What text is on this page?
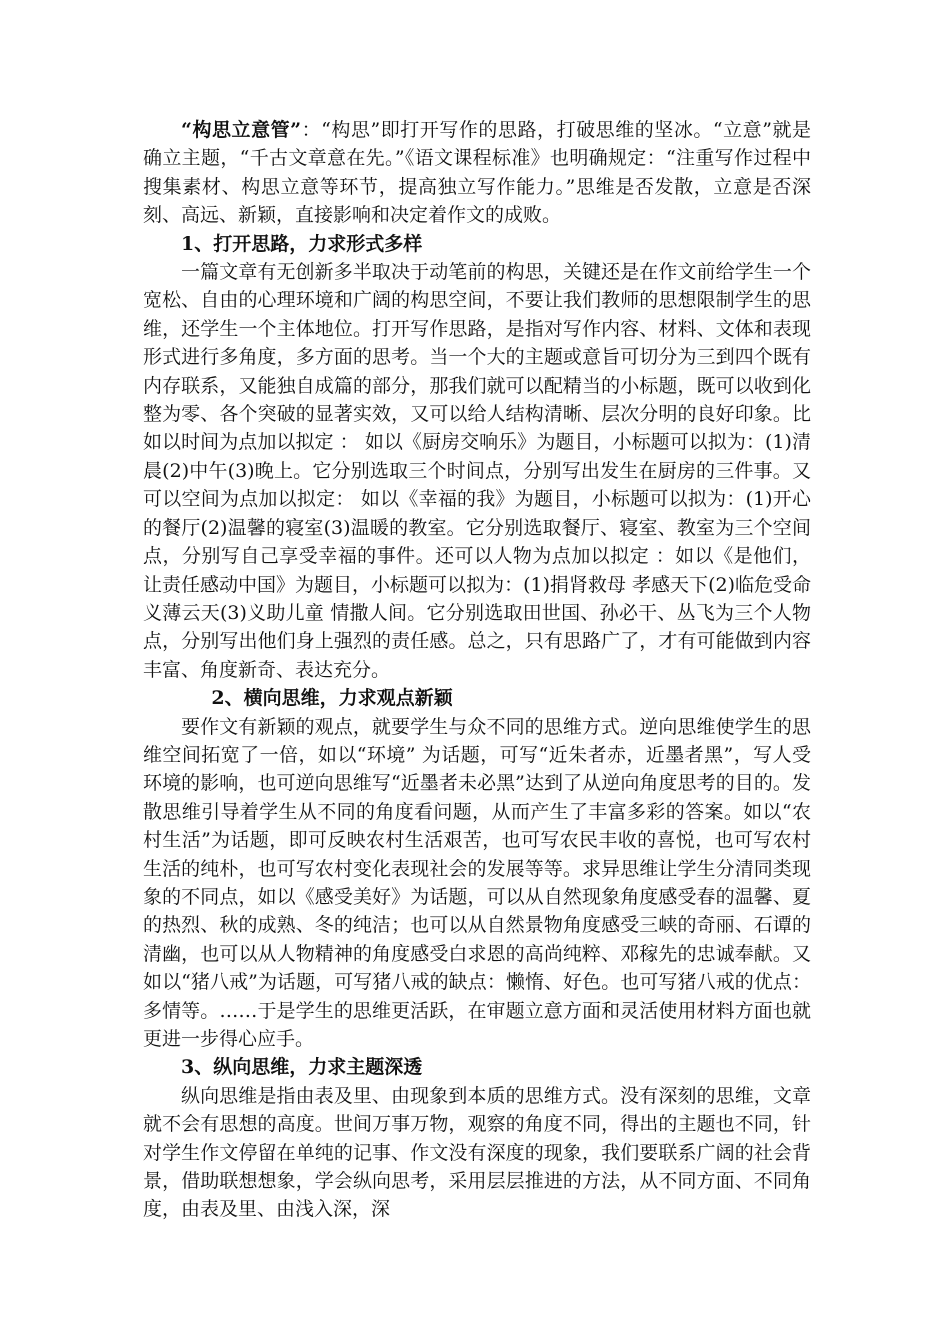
“构思立意管”：“构思”即打开写作的思路，打破思维的坚冰。“立意”就是确立主题，“千古文章意在先。”《语文课程标准》也明确规定：“注重写作过程中搜集素材、构思立意等环节，提高独立写作能力。”思维是否发散，立意是否深刻、高远、新颖，直接影响和决定着作文的成败。

1、打开思路，力求形式多样

一篇文章有无创新多半取决于动笔前的构思，关键还是在作文前给学生一个宽松、自由的心理环境和广阔的构思空间，不要让我们教师的思想限制学生的思维，还学生一个主体地位。打开写作思路，是指对写作内容、材料、文体和表现形式进行多角度，多方面的思考。当一个大的主题或意旨可切分为三到四个既有内存联系，又能独自成篇的部分，那我们就可以配精当的小标题，既可以收到化整为零、各个突破的显著实效，又可以给人结构清晰、层次分明的良好印象。比如以时间为点加以拟定 ： 如以《厨房交响乐》为题目，小标题可以拟为：(1)清晨(2)中午(3)晚上。它分别选取三个时间点，分别写出发生在厨房的三件事。又可以空间为点加以拟定： 如以《幸福的我》为题目，小标题可以拟为：(1)开心的餐厅(2)温馨的寝室(3)温暖的教室。它分别选取餐厅、寝室、教室为三个空间点，分别写自己享受幸福的事件。还可以人物为点加以拟定 ：如以《是他们，让责任感动中国》为题目，小标题可以拟为：(1)捐肾救母 孝感天下(2)临危受命 义薄云天(3)义助儿童 情撒人间。它分别选取田世国、孙必干、丛飞为三个人物点，分别写出他们身上强烈的责任感。总之，只有思路广了，才有可能做到内容丰富、角度新奇、表达充分。

2、横向思维，力求观点新颖

要作文有新颖的观点，就要学生与众不同的思维方式。逆向思维使学生的思维空间拓宽了一倍，如以“环境” 为话题，可写“近朱者赤，近墨者黑”，写人受环境的影响，也可逆向思维写“近墨者未必黑”达到了从逆向角度思考的目的。发散思维引导着学生从不同的角度看问题，从而产生了丰富多彩的答案。如以“农村生活”为话题，即可反映农村生活艰苦，也可写农民丰收的喜悦，也可写农村生活的纯朴，也可写农村变化表现社会的发展等等。求异思维让学生分清同类现象的不同点，如以《感受美好》为话题，可以从自然现象角度感受春的温馨、夏的热烈、秋的成熟、冬的纯洁；也可以从自然景物角度感受三峡的奇丽、石谭的清幽，也可以从人物精神的角度感受白求恩的高尚纯粹、邓稼先的忠诚奉献。又如以“猪八戒”为话题，可写猪八戒的缺点：懒惰、好色。也可写猪八戒的优点：多情等。……于是学生的思维更活跃，在审题立意方面和灵活使用材料方面也就更进一步得心应手。

3、纵向思维，力求主题深透

纵向思维是指由表及里、由现象到本质的思维方式。没有深刻的思维，文章就不会有思想的高度。世间万事万物，观察的角度不同，得出的主题也不同，针对学生作文停留在单纯的记事、作文没有深度的现象，我们要联系广阔的社会背景，借助联想想象，学会纵向思考，采用层层推进的方法，从不同方面、不同角度，由表及里、由浅入深，深
